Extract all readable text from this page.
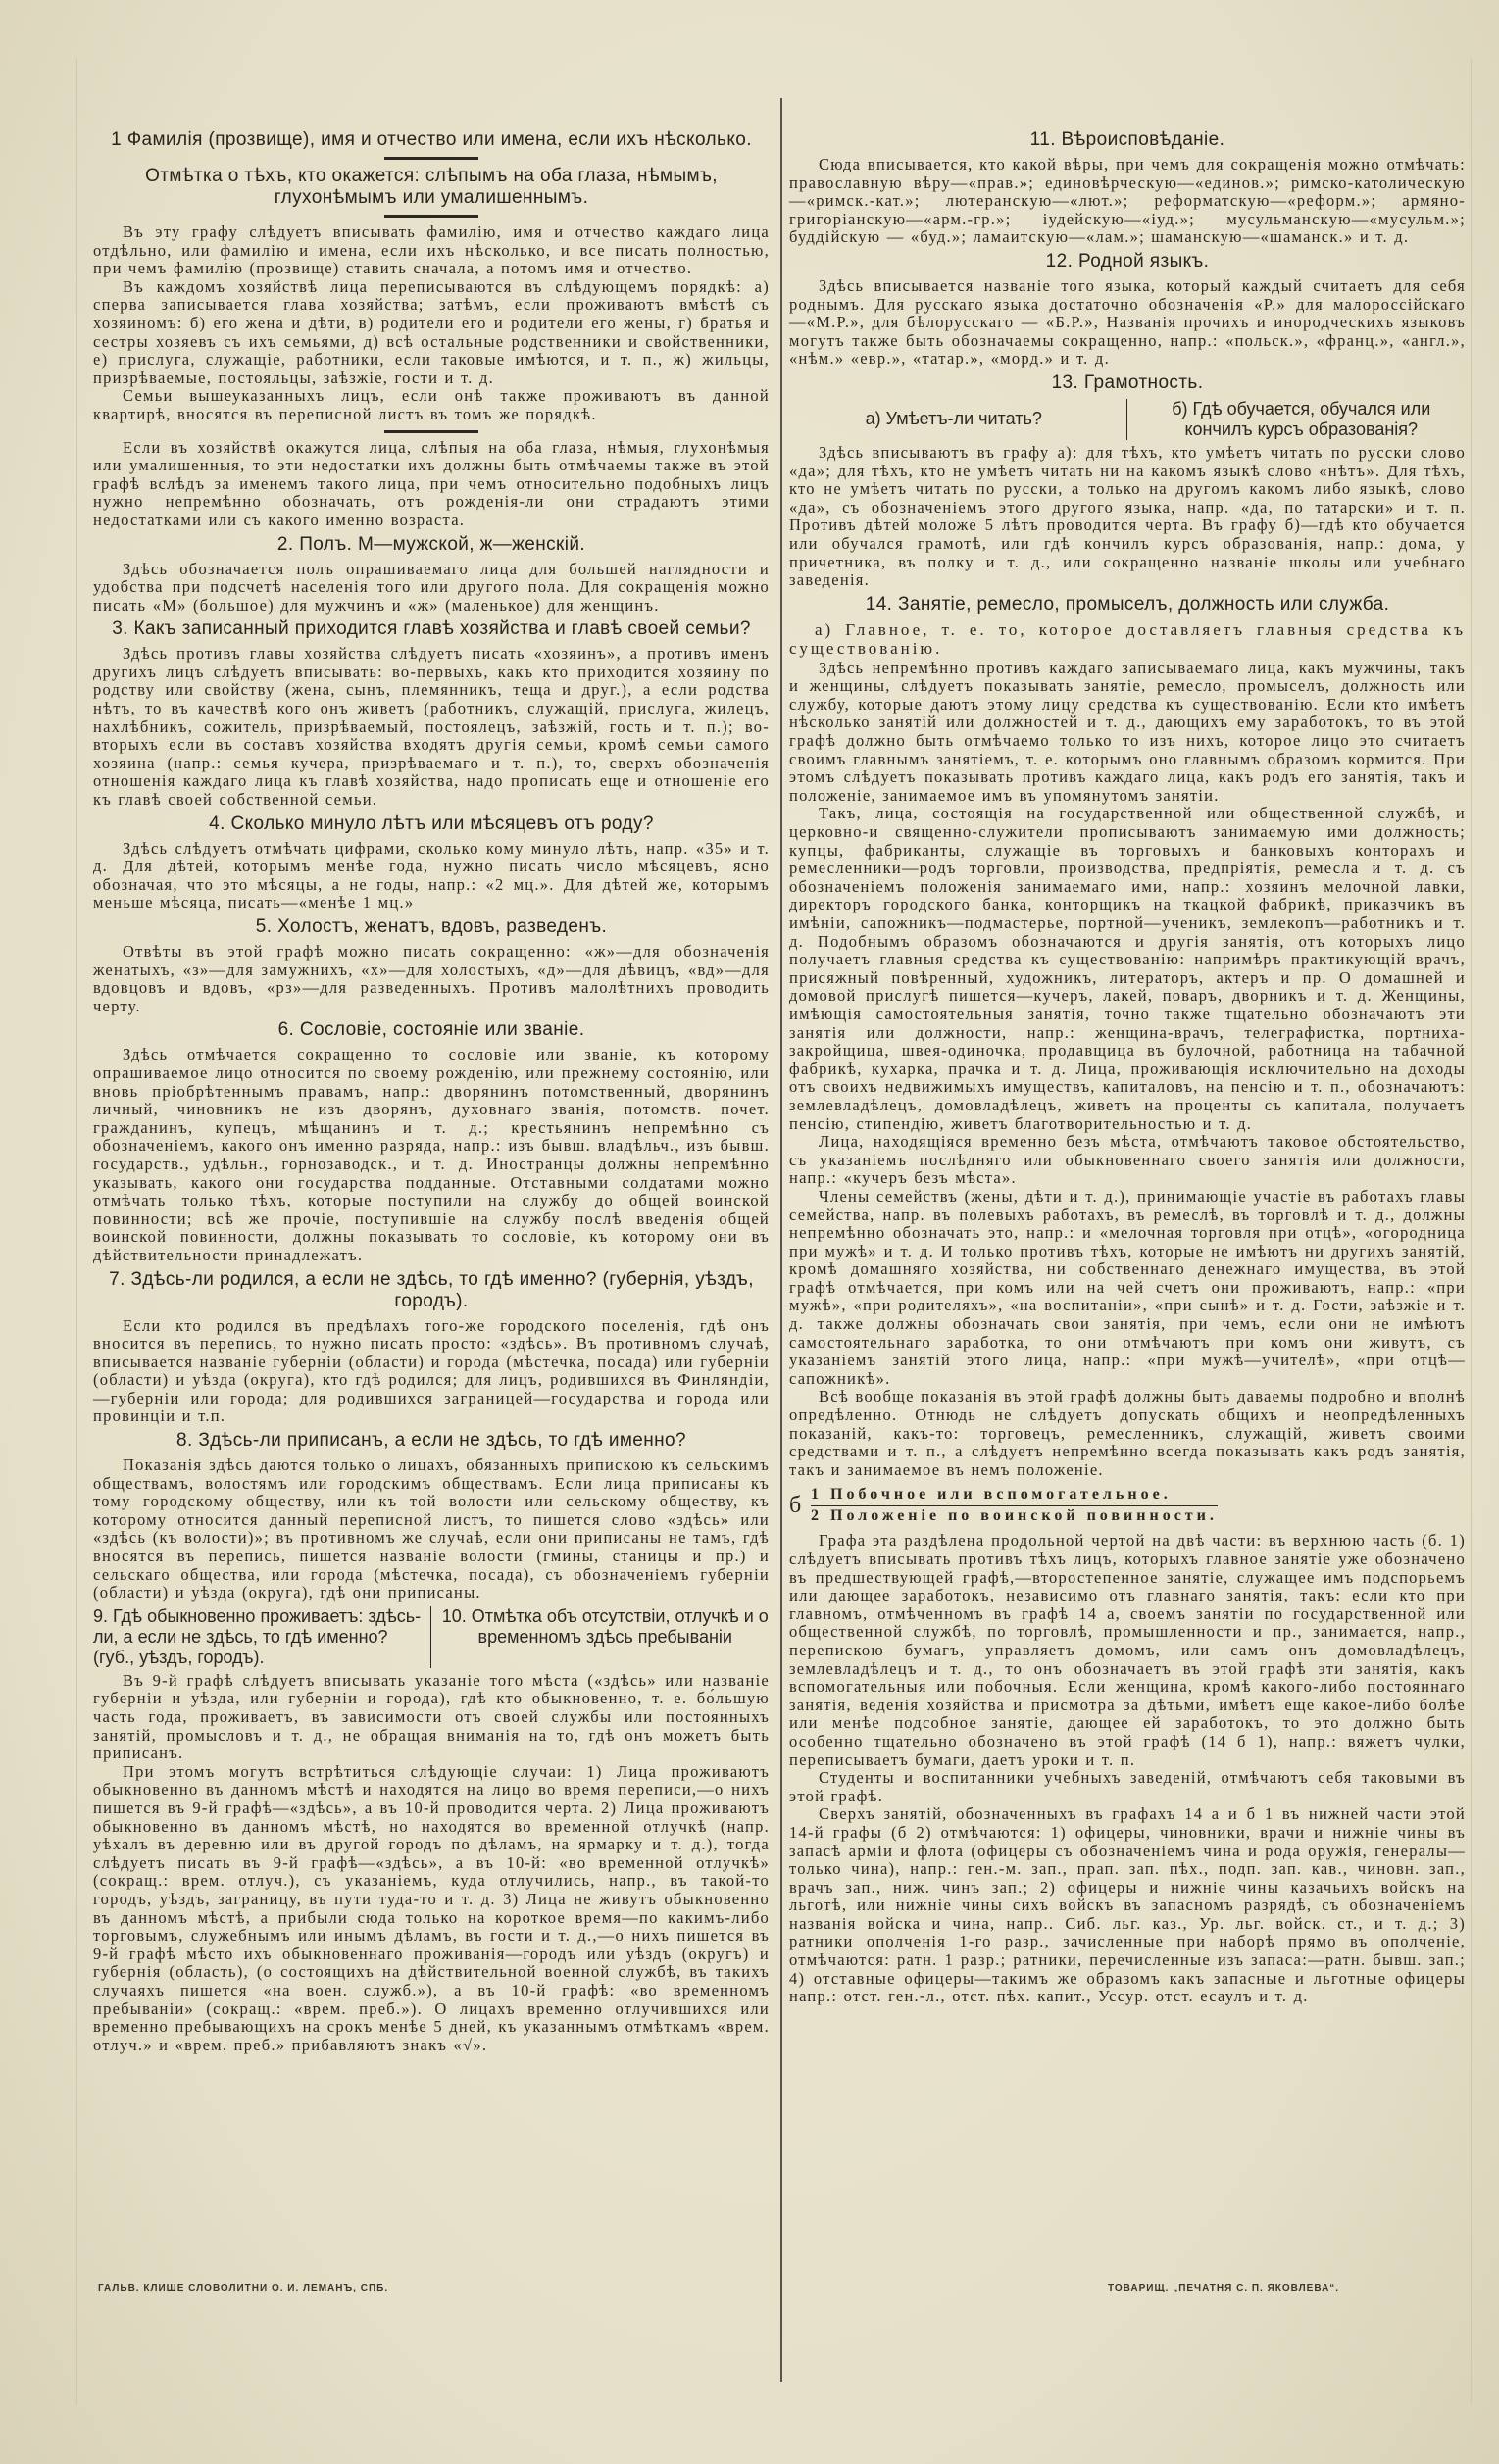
1 Фамилія (прозвище), имя и отчество или имена, если ихъ нѣсколько.
Отмѣтка о тѣхъ, кто окажется: слѣпымъ на оба глаза, нѣмымъ, глухонѣмымъ или умалишеннымъ.

Въ эту графу слѣдуетъ вписывать фамилію, имя и отчество каждаго лица отдѣльно, или фамилію и имена, если ихъ нѣсколько, и все писать полностью, при чемъ фамилію (прозвище) ставить сначала, а потомъ имя и отчество.

Въ каждомъ хозяйствѣ лица переписываются въ слѣдующемъ порядкѣ: а) сперва записывается глава хозяйства; затѣмъ, если проживаютъ вмѣстѣ съ хозяиномъ: б) его жена и дѣти, в) родители его и родители его жены, г) братья и сестры хозяевъ съ ихъ семьями, д) всѣ остальные родственники и свойственники, е) прислуга, служащіе, работники, если таковые имѣются, и т. п., ж) жильцы, призрѣваемые, постояльцы, заѣзжіе, гости и т. д.

Семьи вышеуказанныхъ лицъ, если онѣ также проживаютъ въ данной квартирѣ, вносятся въ переписной листъ въ томъ же порядкѣ.

Если въ хозяйствѣ окажутся лица, слѣпыя на оба глаза, нѣмыя, глухонѣмыя или умалишенныя, то эти недостатки ихъ должны быть отмѣчаемы также въ этой графѣ вслѣдъ за именемъ такого лица, при чемъ относительно подобныхъ лицъ нужно непремѣнно обозначать, отъ рожденія-ли они страдаютъ этими недостатками или съ какого именно возраста.

2. Полъ. М—мужской, ж—женскій.

Здѣсь обозначается полъ опрашиваемаго лица для большей наглядности и удобства при подсчетѣ населенія того или другого пола. Для сокращенія можно писать «М» (большое) для мужчинъ и «ж» (маленькое) для женщинъ.

3. Какъ записанный приходится главѣ хозяйства и главѣ своей семьи?

Здѣсь противъ главы хозяйства слѣдуетъ писать «хозяинъ», а противъ именъ другихъ лицъ слѣдуетъ вписывать: во-первыхъ, какъ кто приходится хозяину по родству или свойству (жена, сынъ, племянникъ, теща и друг.), а если родства нѣтъ, то въ качествѣ кого онъ живетъ (работникъ, служащій, прислуга, жилецъ, нахлѣбникъ, сожитель, призрѣваемый, постоялецъ, заѣзжій, гость и т. п.); во-вторыхъ если въ составъ хозяйства входятъ другія семьи, кромѣ семьи самого хозяина (напр.: семья кучера, призрѣваемаго и т. п.), то, сверхъ обозначенія отношенія каждаго лица къ главѣ хозяйства, надо прописать еще и отношеніе его къ главѣ своей собственной семьи.

4. Сколько минуло лѣтъ или мѣсяцевъ отъ роду?

Здѣсь слѣдуетъ отмѣчать цифрами, сколько кому минуло лѣтъ, напр. «35» и т. д. Для дѣтей, которымъ менѣе года, нужно писать число мѣсяцевъ, ясно обозначая, что это мѣсяцы, а не годы, напр.: «2 мц.». Для дѣтей же, которымъ меньше мѣсяца, писать—«менѣе 1 мц.»

5. Холостъ, женатъ, вдовъ, разведенъ.

Отвѣты въ этой графѣ можно писать сокращенно: «ж»—для обозначенія женатыхъ, «з»—для замужнихъ, «х»—для холостыхъ, «д»—для дѣвицъ, «вд»—для вдовцовъ и вдовъ, «рз»—для разведенныхъ. Противъ малолѣтнихъ проводить черту.

6. Сословіе, состояніе или званіе.

Здѣсь отмѣчается сокращенно то сословіе или званіе, къ которому опрашиваемое лицо относится по своему рожденію, или прежнему состоянію, или вновь пріобрѣтеннымъ правамъ, напр.: дворянинъ потомственный, дворянинъ личный, чиновникъ не изъ дворянъ, духовнаго званія, потомств. почет. гражданинъ, купецъ, мѣщанинъ и т. д.; крестьянинъ непремѣнно съ обозначеніемъ, какого онъ именно разряда, напр.: изъ бывш. владѣльч., изъ бывш. государств., удѣльн., горнозаводск., и т. д. Иностранцы должны непремѣнно указывать, какого они государства подданные. Отставными солдатами можно отмѣчать только тѣхъ, которые поступили на службу до общей воинской повинности; всѣ же прочіе, поступившіе на службу послѣ введенія общей воинской повинности, должны показывать то сословіе, къ которому они въ дѣйствительности принадлежатъ.

7. Здѣсь-ли родился, а если не здѣсь, то гдѣ именно? (губернія, уѣздъ, городъ).

Если кто родился въ предѣлахъ того-же городского поселенія, гдѣ онъ вносится въ перепись, то нужно писать просто: «здѣсь». Въ противномъ случаѣ, вписывается названіе губерніи (области) и города (мѣстечка, посада) или губерніи (области) и уѣзда (округа), кто гдѣ родился; для лицъ, родившихся въ Финляндіи,—губерніи или города; для родившихся заграницей—государства и города или провинціи и т.п.

8. Здѣсь-ли приписанъ, а если не здѣсь, то гдѣ именно?

Показанія здѣсь даются только о лицахъ, обязанныхъ припискою къ сельскимъ обществамъ, волостямъ или городскимъ обществамъ. Если лица приписаны къ тому городскому обществу, или къ той волости или сельскому обществу, къ которому относится данный переписной листъ, то пишется слово «здѣсь» или «здѣсь (къ волости)»; въ противномъ же случаѣ, если они приписаны не тамъ, гдѣ вносятся въ перепись, пишется названіе волости (гмины, станицы и пр.) и сельскаго общества, или города (мѣстечка, посада), съ обозначеніемъ губерніи (области) и уѣзда (округа), гдѣ они приписаны.

9. Гдѣ обыкновенно проживаетъ: здѣсь-ли, а если не здѣсь, то гдѣ именно? (губ., уѣздъ, городъ).
10. Отмѣтка объ отсутствіи, отлучкѣ и о временномъ здѣсь пребываніи

Въ 9-й графѣ слѣдуетъ вписывать указаніе того мѣста («здѣсь» или названіе губерніи и уѣзда, или губерніи и города), гдѣ кто обыкновенно, т. е. бо́льшую часть года, проживаетъ, въ зависимости отъ своей службы или постоянныхъ занятій, промысловъ и т. д., не обращая вниманія на то, гдѣ онъ можетъ быть приписанъ.

При этомъ могутъ встрѣтиться слѣдующіе случаи: 1) Лица проживаютъ обыкновенно въ данномъ мѣстѣ и находятся на лицо во время переписи,—о нихъ пишется въ 9-й графѣ—«здѣсь», а въ 10-й проводится черта. 2) Лица проживаютъ обыкновенно въ данномъ мѣстѣ, но находятся во временной отлучкѣ (напр. уѣхалъ въ деревню или въ другой городъ по дѣламъ, на ярмарку и т. д.), тогда слѣдуетъ писать въ 9-й графѣ—«здѣсь», а въ 10-й: «во временной отлучкѣ» (сокращ.: врем. отлуч.), съ указаніемъ, куда отлучились, напр., въ такой-то городъ, уѣздъ, заграницу, въ пути туда-то и т. д. 3) Лица не живутъ обыкновенно въ данномъ мѣстѣ, а прибыли сюда только на короткое время—по какимъ-либо торговымъ, служебнымъ или инымъ дѣламъ, въ гости и т. д.,—о нихъ пишется въ 9-й графѣ мѣсто ихъ обыкновеннаго проживанія—городъ или уѣздъ (округъ) и губернія (область), (о состоящихъ на дѣйствительной военной службѣ, въ такихъ случаяхъ пишется «на воен. служб.»), а въ 10-й графѣ: «во временномъ пребываніи» (сокращ.: «врем. преб.»). О лицахъ временно отлучившихся или временно пребывающихъ на срокъ менѣе 5 дней, къ указаннымъ отмѣткамъ «врем. отлуч.» и «врем. преб.» прибавляютъ знакъ «√».

11. Вѣроисповѣданіе.

Сюда вписывается, кто какой вѣры, при чемъ для сокращенія можно отмѣчать: православную вѣру—«прав.»; единовѣрческую—«единов.»; римско-католическую—«римск.-кат.»; лютеранскую—«лют.»; реформатскую—«реформ.»; армяно-григоріанскую—«арм.-гр.»; іудейскую—«іуд.»; мусульманскую—«мусульм.»; буддійскую — «буд.»; ламаитскую—«лам.»; шаманскую—«шаманск.» и т. д.

12. Родной языкъ.

Здѣсь вписывается названіе того языка, который каждый считаетъ для себя роднымъ. Для русскаго языка достаточно обозначенія «Р.» для малороссійскаго—«М.Р.», для бѣлорусскаго — «Б.Р.», Названія прочихъ и инородческихъ языковъ могутъ также быть обозначаемы сокращенно, напр.: «польск.», «франц.», «англ.», «нѣм.» «евр.», «татар.», «морд.» и т. д.

13. Грамотность.
а) Умѣетъ-ли читать?
б) Гдѣ обучается, обучался или кончилъ курсъ образованія?

Здѣсь вписываютъ въ графу а): для тѣхъ, кто умѣетъ читать по русски слово «да»; для тѣхъ, кто не умѣетъ читать ни на какомъ языкѣ слово «нѣтъ». Для тѣхъ, кто не умѣетъ читать по русски, а только на другомъ какомъ либо языкѣ, слово «да», съ обозначеніемъ этого другого языка, напр. «да, по татарски» и т. п. Противъ дѣтей моложе 5 лѣтъ проводится черта. Въ графу б)—гдѣ кто обучается или обучался грамотѣ, или гдѣ кончилъ курсъ образованія, напр.: дома, у причетника, въ полку и т. д., или сокращенно названіе школы или учебнаго заведенія.

14. Занятіе, ремесло, промыселъ, должность или служба.
а) Главное, т. е. то, которое доставляетъ главныя средства къ существованію.

Здѣсь непремѣнно противъ каждаго записываемаго лица, какъ мужчины, такъ и женщины, слѣдуетъ показывать занятіе, ремесло, промыселъ, должность или службу, которые даютъ этому лицу средства къ существованію. Если кто имѣетъ нѣсколько занятій или должностей и т. д., дающихъ ему заработокъ, то въ этой графѣ должно быть отмѣчаемо только то изъ нихъ, которое лицо это считаетъ своимъ главнымъ занятіемъ, т. е. которымъ оно главнымъ образомъ кормится. При этомъ слѣдуетъ показывать противъ каждаго лица, какъ родъ его занятія, такъ и положеніе, занимаемое имъ въ упомянутомъ занятіи.

Такъ, лица, состоящія на государственной или общественной службѣ, и церковно-и священно-служители прописываютъ занимаемую ими должность; купцы, фабриканты, служащіе въ торговыхъ и банковыхъ конторахъ и ремесленники—родъ торговли, производства, предпріятія, ремесла и т. д. съ обозначеніемъ положенія занимаемаго ими, напр.: хозяинъ мелочной лавки, директоръ городского банка, конторщикъ на ткацкой фабрикѣ, приказчикъ въ имѣніи, сапожникъ—подмастерье, портной—ученикъ, землекопъ—работникъ и т. д. Подобнымъ образомъ обозначаются и другія занятія, отъ которыхъ лицо получаетъ главныя средства къ существованію: напримѣръ практикующій врачъ, присяжный повѣренный, художникъ, литераторъ, актеръ и пр. О домашней и домовой прислугѣ пишется—кучеръ, лакей, поваръ, дворникъ и т. д. Женщины, имѣющія самостоятельныя занятія, точно также тщательно обозначаютъ эти занятія или должности, напр.: женщина-врачъ, телеграфистка, портниха-закройщица, швея-одиночка, продавщица въ булочной, работница на табачной фабрикѣ, кухарка, прачка и т. д. Лица, проживающія исключительно на доходы отъ своихъ недвижимыхъ имуществъ, капиталовъ, на пенсію и т. п., обозначаютъ: землевладѣлецъ, домовладѣлецъ, живетъ на проценты съ капитала, получаетъ пенсію, стипендію, живетъ благотворительностью и т. д.

Лица, находящіяся временно безъ мѣста, отмѣчаютъ таковое обстоятельство, съ указаніемъ послѣдняго или обыкновеннаго своего занятія или должности, напр.: «кучеръ безъ мѣста».

Члены семействъ (жены, дѣти и т. д.), принимающіе участіе въ работахъ главы семейства, напр. въ полевыхъ работахъ, въ ремеслѣ, въ торговлѣ и т. д., должны непремѣнно обозначать это, напр.: и «мелочная торговля при отцѣ», «огородница при мужѣ» и т. д. И только противъ тѣхъ, которые не имѣютъ ни другихъ занятій, кромѣ домашняго хозяйства, ни собственнаго денежнаго имущества, въ этой графѣ отмѣчается, при комъ или на чей счетъ они проживаютъ, напр.: «при мужѣ», «при родителяхъ», «на воспитаніи», «при сынѣ» и т. д. Гости, заѣзжіе и т. д. также должны обозначать свои занятія, при чемъ, если они не имѣютъ самостоятельнаго заработка, то они отмѣчаютъ при комъ они живутъ, съ указаніемъ занятій этого лица, напр.: «при мужѣ—учителѣ», «при отцѣ—сапожникѣ».

Всѣ вообще показанія въ этой графѣ должны быть даваемы подробно и вполнѣ опредѣленно. Отнюдь не слѣдуетъ допускать общихъ и неопредѣленныхъ показаній, какъ-то: торговецъ, ремесленникъ, служащій, живетъ своими средствами и т. п., а слѣдуетъ непремѣнно всегда показывать какъ родъ занятія, такъ и занимаемое въ немъ положеніе.

б 1 Побочное или вспомогательное.
2 Положеніе по воинской повинности.

Графа эта раздѣлена продольной чертой на двѣ части: въ верхнюю часть (б. 1) слѣдуетъ вписывать противъ тѣхъ лицъ, которыхъ главное занятіе уже обозначено въ предшествующей графѣ,—второстепенное занятіе, служащее имъ подспорьемъ или дающее заработокъ, независимо отъ главнаго занятія, такъ: если кто при главномъ, отмѣченномъ въ графѣ 14 а, своемъ занятіи по государственной или общественной службѣ, по торговлѣ, промышленности и пр., занимается, напр., перепискою бумагъ, управляетъ домомъ, или самъ онъ домовладѣлецъ, землевладѣлецъ и т. д., то онъ обозначаетъ въ этой графѣ эти занятія, какъ вспомогательныя или побочныя. Если женщина, кромѣ какого-либо постояннаго занятія, веденія хозяйства и присмотра за дѣтьми, имѣетъ еще какое-либо болѣе или менѣе подсобное занятіе, дающее ей заработокъ, то это должно быть особенно тщательно обозначено въ этой графѣ (14 б 1), напр.: вяжетъ чулки, переписываетъ бумаги, даетъ уроки и т. п.

Студенты и воспитанники учебныхъ заведеній, отмѣчаютъ себя таковыми въ этой графѣ.

Сверхъ занятій, обозначенныхъ въ графахъ 14 а и б 1 въ нижней части этой 14-й графы (б 2) отмѣчаются: 1) офицеры, чиновники, врачи и нижніе чины въ запасѣ арміи и флота (офицеры съ обозначеніемъ чина и рода оружія, генералы—только чина), напр.: ген.-м. зап., прап. зап. пѣх., подп. зап. кав., чиновн. зап., врачъ зап., ниж. чинъ зап.; 2) офицеры и нижніе чины казачьихъ войскъ на льготѣ, или нижніе чины сихъ войскъ въ запасномъ разрядѣ, съ обозначеніемъ названія войска и чина, напр.. Сиб. льг. каз., Ур. льг. войск. ст., и т. д.; 3) ратники ополченія 1-го разр., зачисленные при наборѣ прямо въ ополченіе, отмѣчаются: ратн. 1 разр.; ратники, перечисленные изъ запаса:—ратн. бывш. зап.; 4) отставные офицеры—такимъ же образомъ какъ запасные и льготные офицеры напр.: отст. ген.-л., отст. пѣх. капит., Уссур. отст. есаулъ и т. д.

ГАЛЬВ. КЛИШЕ СЛОВОЛИТНИ О. И. ЛЕМАНЪ, СПБ.	ТОВАРИЩ. „ПЕЧАТНЯ С. П. ЯКОВЛЕВА“.
